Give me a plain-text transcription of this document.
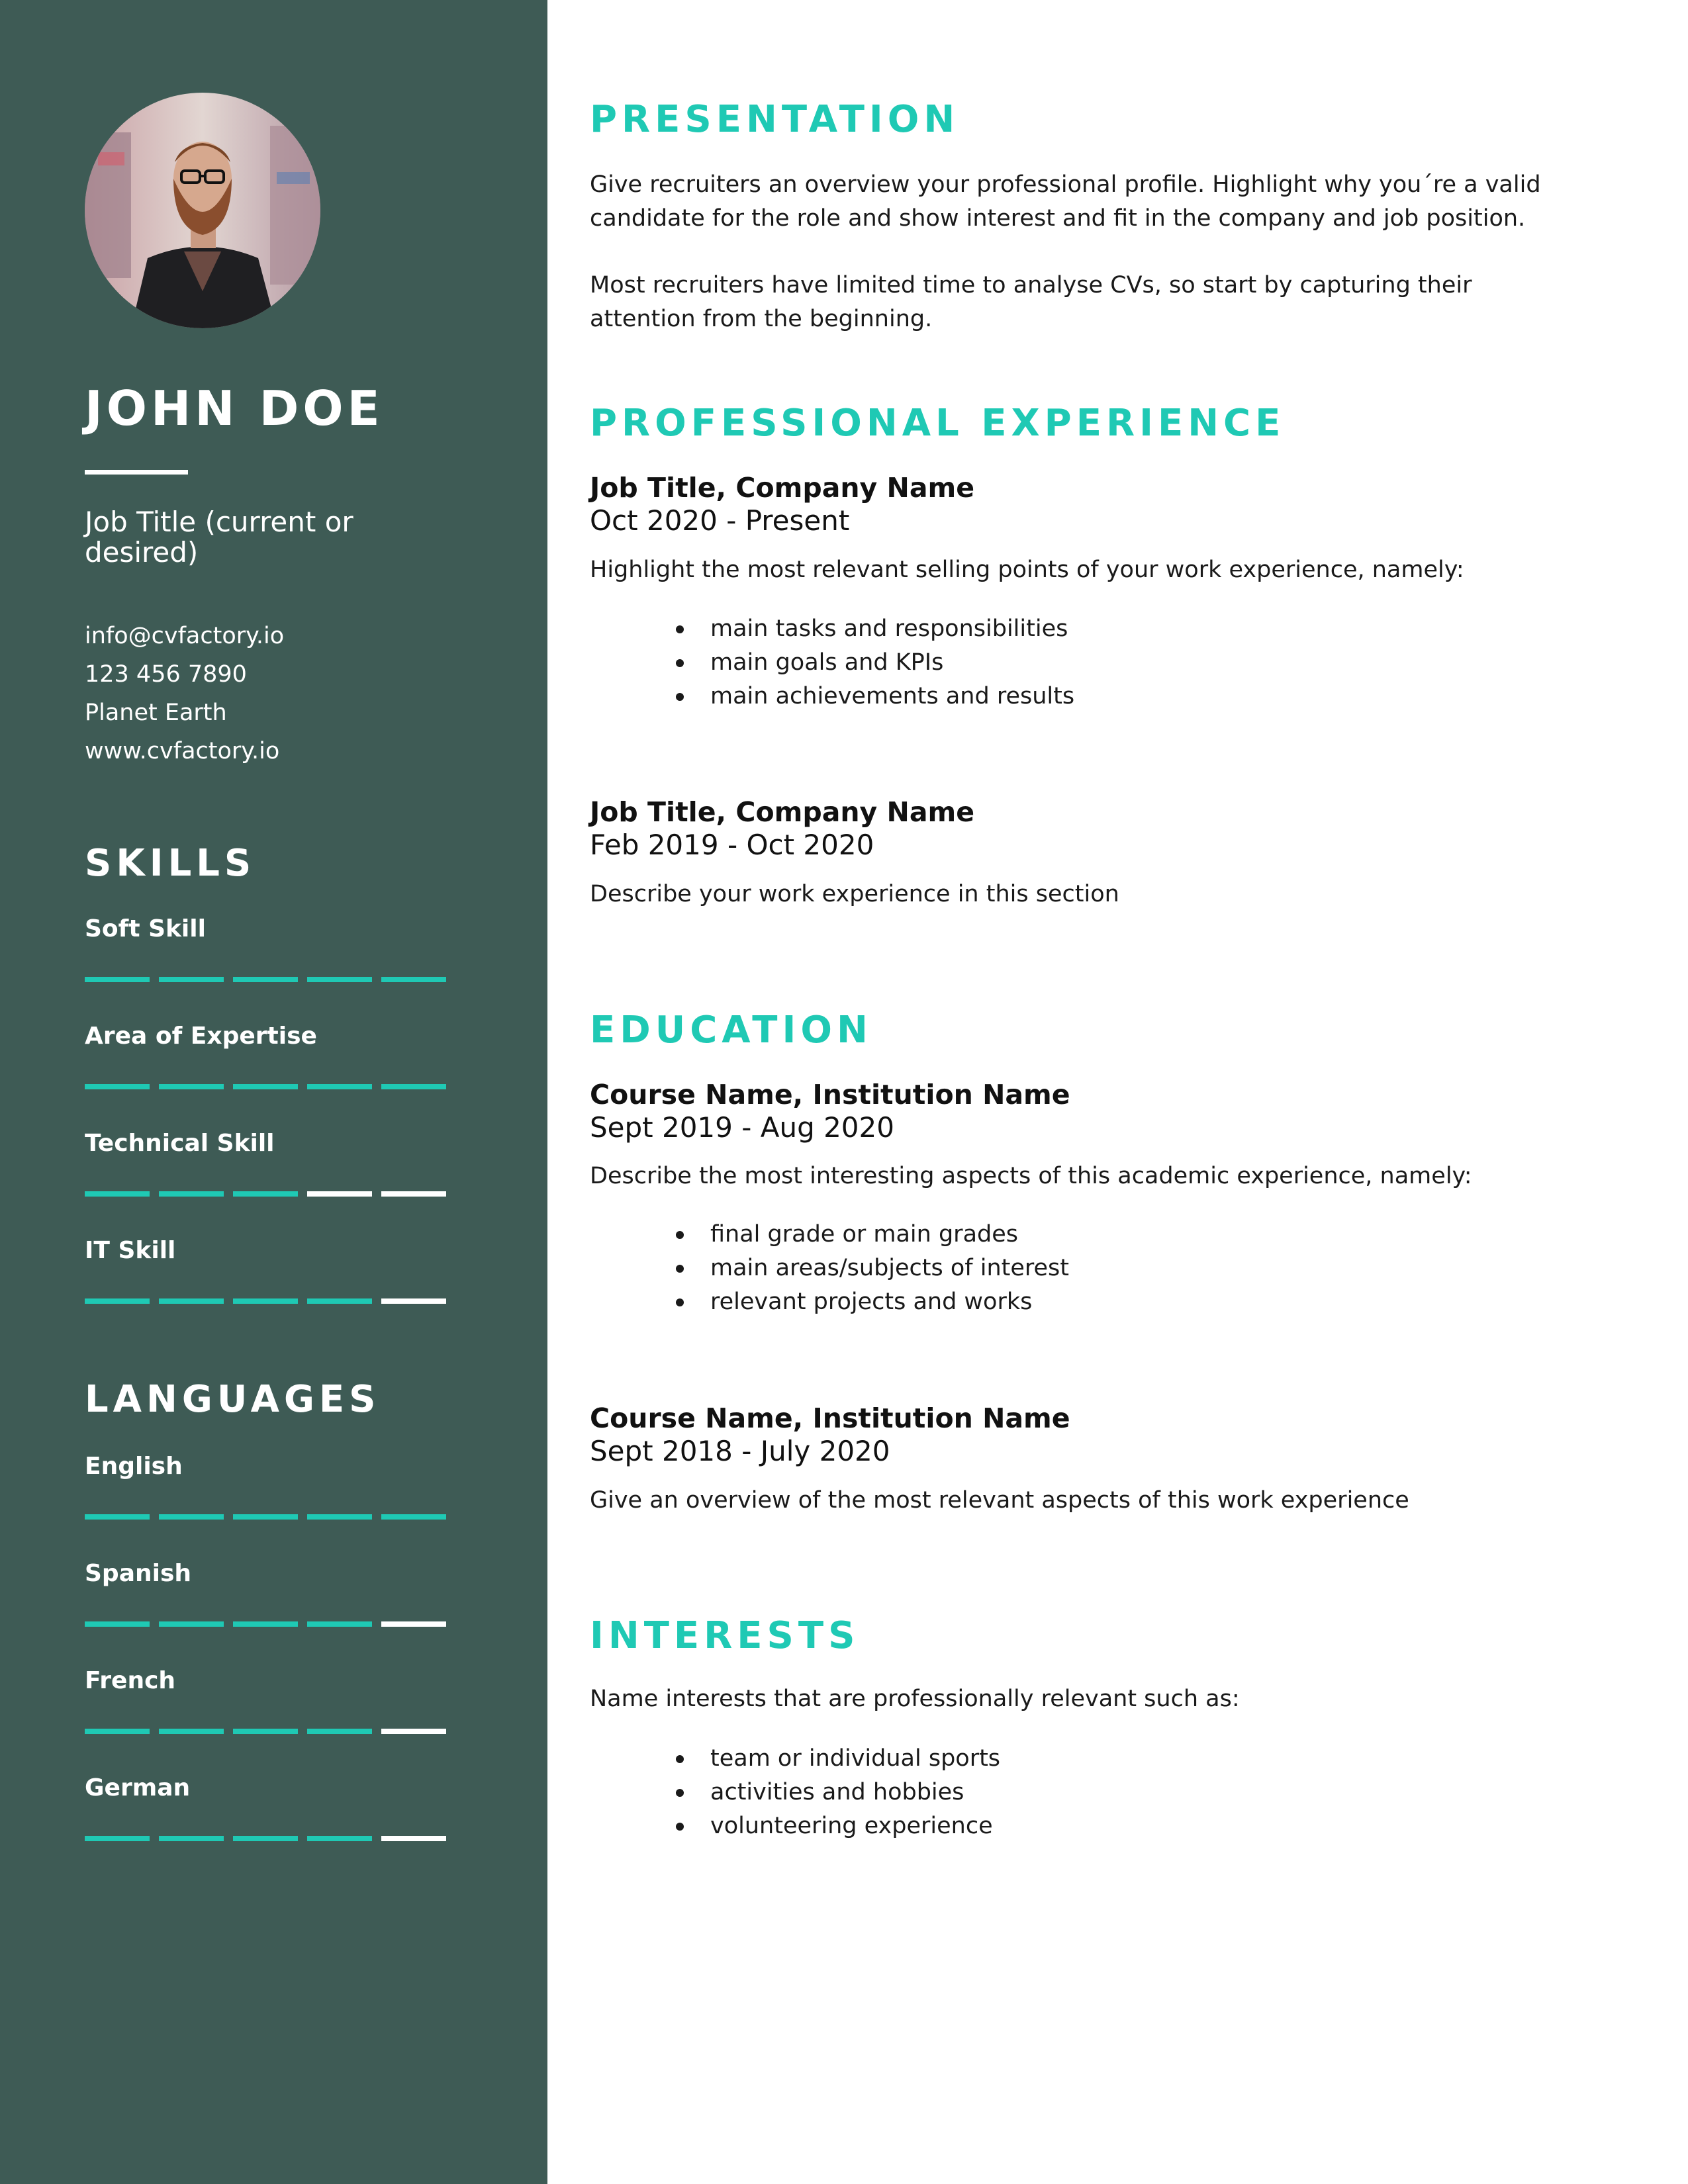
JOHN DOE
Job Title (current or desired)
info@cvfactory.io
123 456 7890
Planet Earth
www.cvfactory.io
SKILLS
Soft Skill
Area of Expertise
Technical Skill
IT Skill
LANGUAGES
English
Spanish
French
German
PRESENTATION

Give recruiters an overview your professional profile. Highlight why you´re a valid candidate for the role and show interest and fit in the company and job position.

Most recruiters have limited time to analyse CVs, so start by capturing their attention from the beginning.

PROFESSIONAL EXPERIENCE
Job Title, Company Name
Oct 2020 - Present

Highlight the most relevant selling points of your work experience, namely:

main tasks and responsibilities
main goals and KPIs
main achievements and results
Job Title, Company Name
Feb 2019 - Oct 2020

Describe your work experience in this section

EDUCATION
Course Name, Institution Name
Sept 2019 - Aug 2020

Describe the most interesting aspects of this academic experience, namely:

final grade or main grades
main areas/subjects of interest
relevant projects and works
Course Name, Institution Name
Sept 2018 - July 2020

Give an overview of the most relevant aspects of this work experience

INTERESTS

Name interests that are professionally relevant such as:

team or individual sports
activities and hobbies
volunteering experience
